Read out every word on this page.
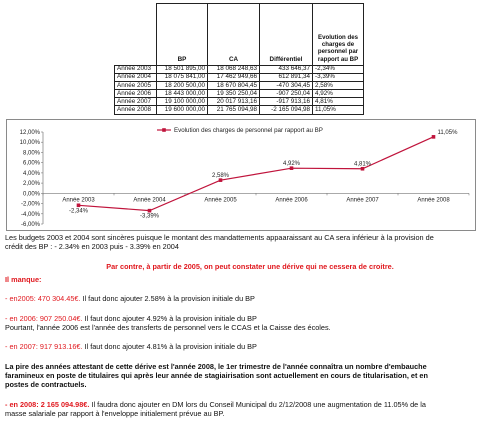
	BP	CA	Différentiel	Evolution des charges de personnel par rapport au BP
Année 2003	18 501 895,00	18 068 248,63	433 646,37	-2,34%
Année 2004	18 075 841,00	17 462 949,66	612 891,34	-3,39%
Année 2005	18 200 500,00	18 670 804,45	-470 304,45	2,58%
Année 2006	18 443 000,00	19 350 250,04	-907 250,04	4,92%
Année 2007	19 100 000,00	20 017 913,16	-917 913,16	4,81%
Année 2008	19 600 000,00	21 765 094,98	-2 165 094,98	11,05%
12,00%
10,00%
8,00%
6,00%
4,00%
2,00%
0,00%
-2,00%
-4,00%
-6,00%
Année 2003	Année 2004	Année 2005	Année 2006	Année 2007	Année 2008
-2,34%
-3,39%
2,58%
4,92%	4,81%
11,05%
Evolution des charges de personnel par rapport au BP
Les budgets 2003 et 2004 sont sincères puisque le montant des mandattements appaaraissant au CA sera inférieur à la provision de
crédit des BP : - 2.34% en 2003 puis - 3.39% en 2004
Par contre, à partir de 2005, on peut constater une dérive qui ne cessera de croitre.
Il manque:
- en2005: 470 304.45€. Il faut donc ajouter 2.58% à la provision initiale du BP
- en 2006: 907 250.04€. Il faut donc ajouter 4.92% à la provision initiale du BP
Pourtant, l'année 2006 est l'année des transferts de personnel vers le CCAS et la Caisse des écoles.
- en 2007: 917 913.16€. Il faut donc ajouter 4.81% à la provision initiale du BP
La pire des années attestant de cette dérive est l'année 2008, le 1er trimestre de l'année connaîtra un nombre d'embauche
faramineux en poste de titulaires qui après leur année de stagiairisation sont actuellement en cours de titularisation, et en
postes de contractuels.
- en 2008: 2 165 094.98€. Il faudra donc ajouter en DM lors du Conseil Municipal du 2/12/2008 une augmentation de 11.05% de la
masse salariale par rapport à l'enveloppe initialement prévue au BP.
